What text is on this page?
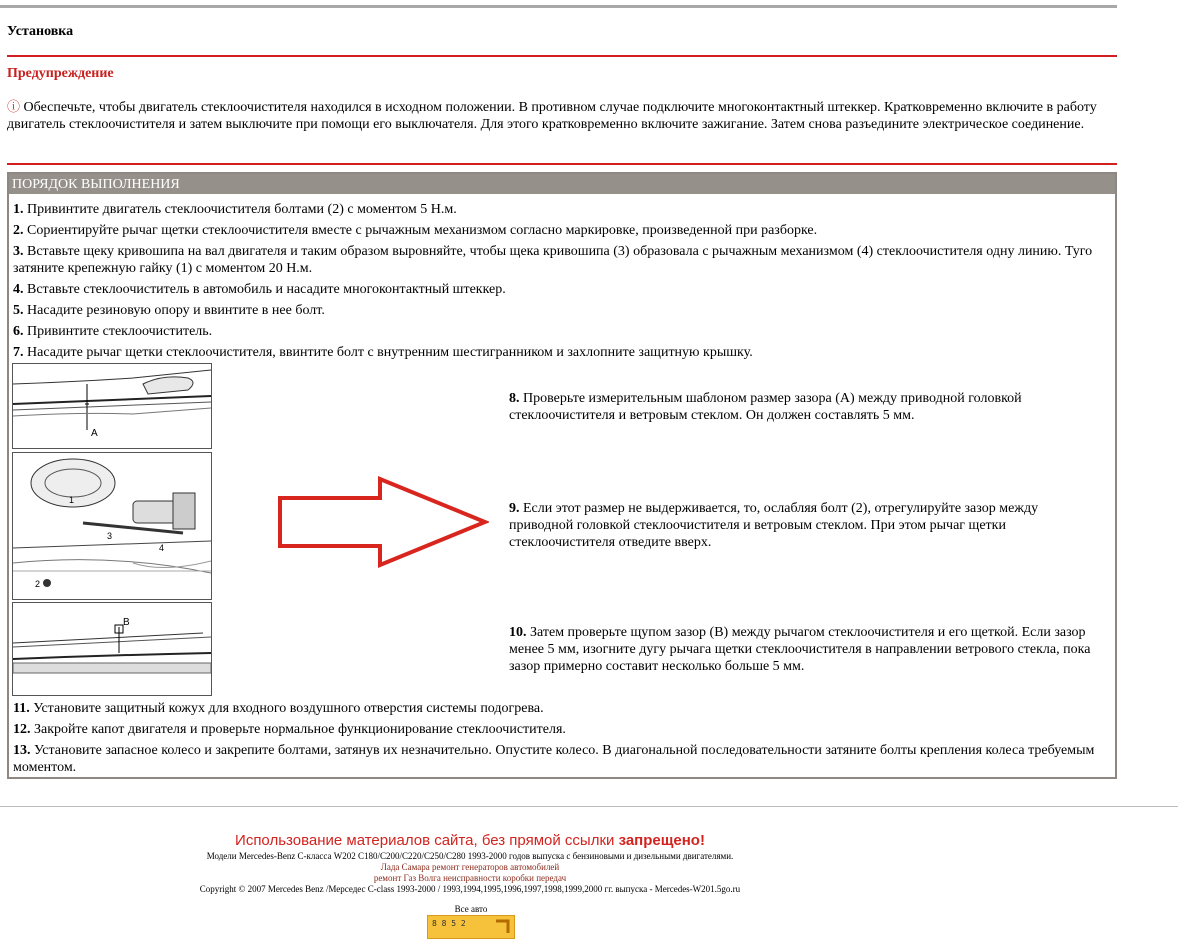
Установка
Предупреждение
ⓘ Обеспечьте, чтобы двигатель стеклоочистителя находился в исходном положении. В противном случае подключите многоконтактный штеккер. Кратковременно включите в работу двигатель стеклоочистителя и затем выключите при помощи его выключателя. Для этого кратковременно включите зажигание. Затем снова разъедините электрическое соединение.
ПОРЯДОК ВЫПОЛНЕНИЯ
1. Привинтите двигатель стеклоочистителя болтами (2) с моментом 5 Н.м.
2. Сориентируйте рычаг щетки стеклоочистителя вместе с рычажным механизмом согласно маркировке, произведенной при разборке.
3. Вставьте щеку кривошипа на вал двигателя и таким образом выровняйте, чтобы щека кривошипа (3) образовала с рычажным механизмом (4) стеклоочистителя одну линию. Туго затяните крепежную гайку (1) с моментом 20 Н.м.
4. Вставьте стеклоочиститель в автомобиль и насадите многоконтактный штеккер.
5. Насадите резиновую опору и ввинтите в нее болт.
6. Привинтите стеклоочиститель.
7. Насадите рычаг щетки стеклоочистителя, ввинтите болт с внутренним шестигранником и захлопните защитную крышку.
A
1
2
3
4
B
8. Проверьте измерительным шаблоном размер зазора (A) между приводной головкой стеклоочистителя и ветровым стеклом. Он должен составлять 5 мм.
9. Если этот размер не выдерживается, то, ослабляя болт (2), отрегулируйте зазор между приводной головкой стеклоочистителя и ветровым стеклом. При этом рычаг щетки стеклоочистителя отведите вверх.
10. Затем проверьте щупом зазор (B) между рычагом стеклоочистителя и его щеткой. Если зазор менее 5 мм, изогните дугу рычага щетки стеклоочистителя в направлении ветрового стекла, пока зазор примерно составит несколько больше 5 мм.
11. Установите защитный кожух для входного воздушного отверстия системы подогрева.
12. Закройте капот двигателя и проверьте нормальное функционирование стеклоочистителя.
13. Установите запасное колесо и закрепите болтами, затянув их незначительно. Опустите колесо. В диагональной последовательности затяните болты крепления колеса требуемым моментом.
Использование материалов сайта, без прямой ссылки запрещено!
Модели Mercedes-Benz C-класса W202 C180/C200/C220/C250/C280 1993-2000 годов выпуска с бензиновыми и дизельными двигателями.
Лада Самара ремонт генераторов автомобилей
ремонт Газ Волга неисправности коробки передач
Copyright © 2007 Mercedes Benz /Мерседес C-class 1993-2000 / 1993,1994,1995,1996,1997,1998,1999,2000 гг. выпуска - Mercedes-W201.5go.ru
Все авто
8 8 5 2
